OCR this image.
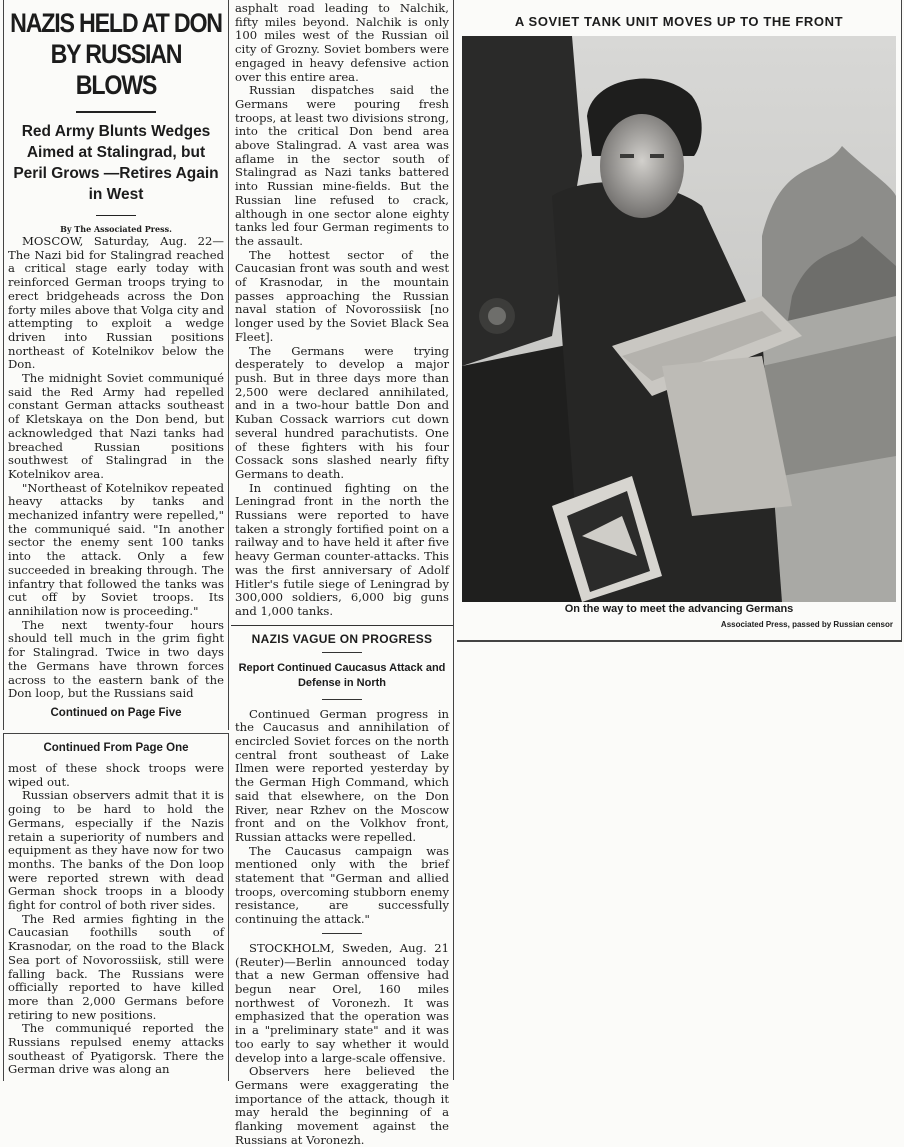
NAZIS HELD AT DON
BY RUSSIAN BLOWS
Red Army Blunts Wedges Aimed at Stalingrad, but Peril Grows —Retires Again in West
By The Associated Press.

MOSCOW, Saturday, Aug. 22—The Nazi bid for Stalingrad reached a critical stage early today with reinforced German troops trying to erect bridgeheads across the Don forty miles above that Volga city and attempting to exploit a wedge driven into Russian positions northeast of Kotelnikov below the Don.

The midnight Soviet communiqué said the Red Army had repelled constant German attacks southeast of Kletskaya on the Don bend, but acknowledged that Nazi tanks had breached Russian positions southwest of Stalingrad in the Kotelnikov area.

"Northeast of Kotelnikov repeated heavy attacks by tanks and mechanized infantry were repelled," the communiqué said. "In another sector the enemy sent 100 tanks into the attack. Only a few succeeded in breaking through. The infantry that followed the tanks was cut off by Soviet troops. Its annihilation now is proceeding."

The next twenty-four hours should tell much in the grim fight for Stalingrad. Twice in two days the Germans have thrown forces across to the eastern bank of the Don loop, but the Russians said

Continued on Page Five
Continued From Page One

most of these shock troops were wiped out.

Russian observers admit that it is going to be hard to hold the Germans, especially if the Nazis retain a superiority of numbers and equipment as they have now for two months. The banks of the Don loop were reported strewn with dead German shock troops in a bloody fight for control of both river sides.

The Red armies fighting in the Caucasian foothills south of Krasnodar, on the road to the Black Sea port of Novorossiisk, still were falling back. The Russians were officially reported to have killed more than 2,000 Germans before retiring to new positions.

The communiqué reported the Russians repulsed enemy attacks southeast of Pyatigorsk. There the German drive was along an

asphalt road leading to Nalchik, fifty miles beyond. Nalchik is only 100 miles west of the Russian oil city of Grozny. Soviet bombers were engaged in heavy defensive action over this entire area.

Russian dispatches said the Germans were pouring fresh troops, at least two divisions strong, into the critical Don bend area above Stalingrad. A vast area was aflame in the sector south of Stalingrad as Nazi tanks battered into Russian mine-fields. But the Russian line refused to crack, although in one sector alone eighty tanks led four German regiments to the assault.

The hottest sector of the Caucasian front was south and west of Krasnodar, in the mountain passes approaching the Russian naval station of Novorossiisk [no longer used by the Soviet Black Sea Fleet].

The Germans were trying desperately to develop a major push. But in three days more than 2,500 were declared annihilated, and in a two-hour battle Don and Kuban Cossack warriors cut down several hundred parachutists. One of these fighters with his four Cossack sons slashed nearly fifty Germans to death.

In continued fighting on the Leningrad front in the north the Russians were reported to have taken a strongly fortified point on a railway and to have held it after five heavy German counter-attacks. This was the first anniversary of Adolf Hitler's futile siege of Leningrad by 300,000 soldiers, 6,000 big guns and 1,000 tanks.

NAZIS VAGUE ON PROGRESS
Report Continued Caucasus Attack and Defense in North

Continued German progress in the Caucasus and annihilation of encircled Soviet forces on the north central front southeast of Lake Ilmen were reported yesterday by the German High Command, which said that elsewhere, on the Don River, near Rzhev on the Moscow front and on the Volkhov front, Russian attacks were repelled.

The Caucasus campaign was mentioned only with the brief statement that "German and allied troops, overcoming stubborn enemy resistance, are successfully continuing the attack."

STOCKHOLM, Sweden, Aug. 21 (Reuter)—Berlin announced today that a new German offensive had begun near Orel, 160 miles northwest of Voronezh. It was emphasized that the operation was in a "preliminary state" and it was too early to say whether it would develop into a large-scale offensive.

Observers here believed the Germans were exaggerating the importance of the attack, though it may herald the beginning of a flanking movement against the Russians at Voronezh.

A SOVIET TANK UNIT MOVES UP TO THE FRONT
On the way to meet the advancing Germans
Associated Press, passed by Russian censor
